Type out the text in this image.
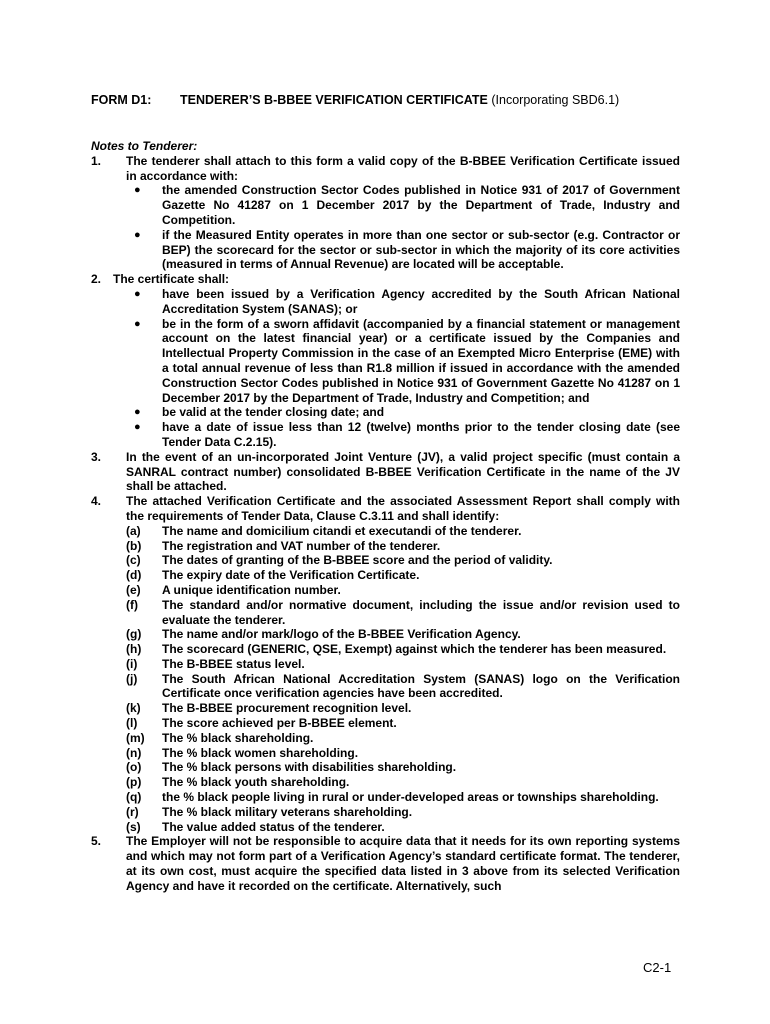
FORM D1: TENDERER’S B-BBEE VERIFICATION CERTIFICATE (Incorporating SBD6.1)

Notes to Tenderer:

1. The tenderer shall attach to this form a valid copy of the B-BBEE Verification Certificate issued in accordance with:

● the amended Construction Sector Codes published in Notice 931 of 2017 of Government Gazette No 41287 on 1 December 2017 by the Department of Trade, Industry and Competition.
● if the Measured Entity operates in more than one sector or sub-sector (e.g. Contractor or BEP) the scorecard for the sector or sub-sector in which the majority of its core activities (measured in terms of Annual Revenue) are located will be acceptable.
2. The certificate shall:

● have been issued by a Verification Agency accredited by the South African National Accreditation System (SANAS); or
● be in the form of a sworn affidavit (accompanied by a financial statement or management account on the latest financial year) or a certificate issued by the Companies and Intellectual Property Commission in the case of an Exempted Micro Enterprise (EME) with a total annual revenue of less than R1.8 million if issued in accordance with the amended Construction Sector Codes published in Notice 931 of Government Gazette No 41287 on 1 December 2017 by the Department of Trade, Industry and Competition; and
● be valid at the tender closing date; and
● have a date of issue less than 12 (twelve) months prior to the tender closing date (see Tender Data C.2.15).
3. In the event of an un-incorporated Joint Venture (JV), a valid project specific (must contain a SANRAL contract number) consolidated B-BBEE Verification Certificate in the name of the JV shall be attached.

4. The attached Verification Certificate and the associated Assessment Report shall comply with the requirements of Tender Data, Clause C.3.11 and shall identify:

(a) The name and domicilium citandi et executandi of the tenderer.
(b) The registration and VAT number of the tenderer.
(c) The dates of granting of the B-BBEE score and the period of validity.
(d) The expiry date of the Verification Certificate.
(e) A unique identification number.
(f) The standard and/or normative document, including the issue and/or revision used to evaluate the tenderer.
(g) The name and/or mark/logo of the B-BBEE Verification Agency.
(h) The scorecard (GENERIC, QSE, Exempt) against which the tenderer has been measured.
(i) The B-BBEE status level.
(j) The South African National Accreditation System (SANAS) logo on the Verification Certificate once verification agencies have been accredited.
(k) The B-BBEE procurement recognition level.
(l) The score achieved per B-BBEE element.
(m) The % black shareholding.
(n) The % black women shareholding.
(o) The % black persons with disabilities shareholding.
(p) The % black youth shareholding.
(q) the % black people living in rural or under-developed areas or townships shareholding.
(r) The % black military veterans shareholding.
(s) The value added status of the tenderer.
5. The Employer will not be responsible to acquire data that it needs for its own reporting systems and which may not form part of a Verification Agency’s standard certificate format. The tenderer, at its own cost, must acquire the specified data listed in 3 above from its selected Verification Agency and have it recorded on the certificate. Alternatively, such

C2-1
